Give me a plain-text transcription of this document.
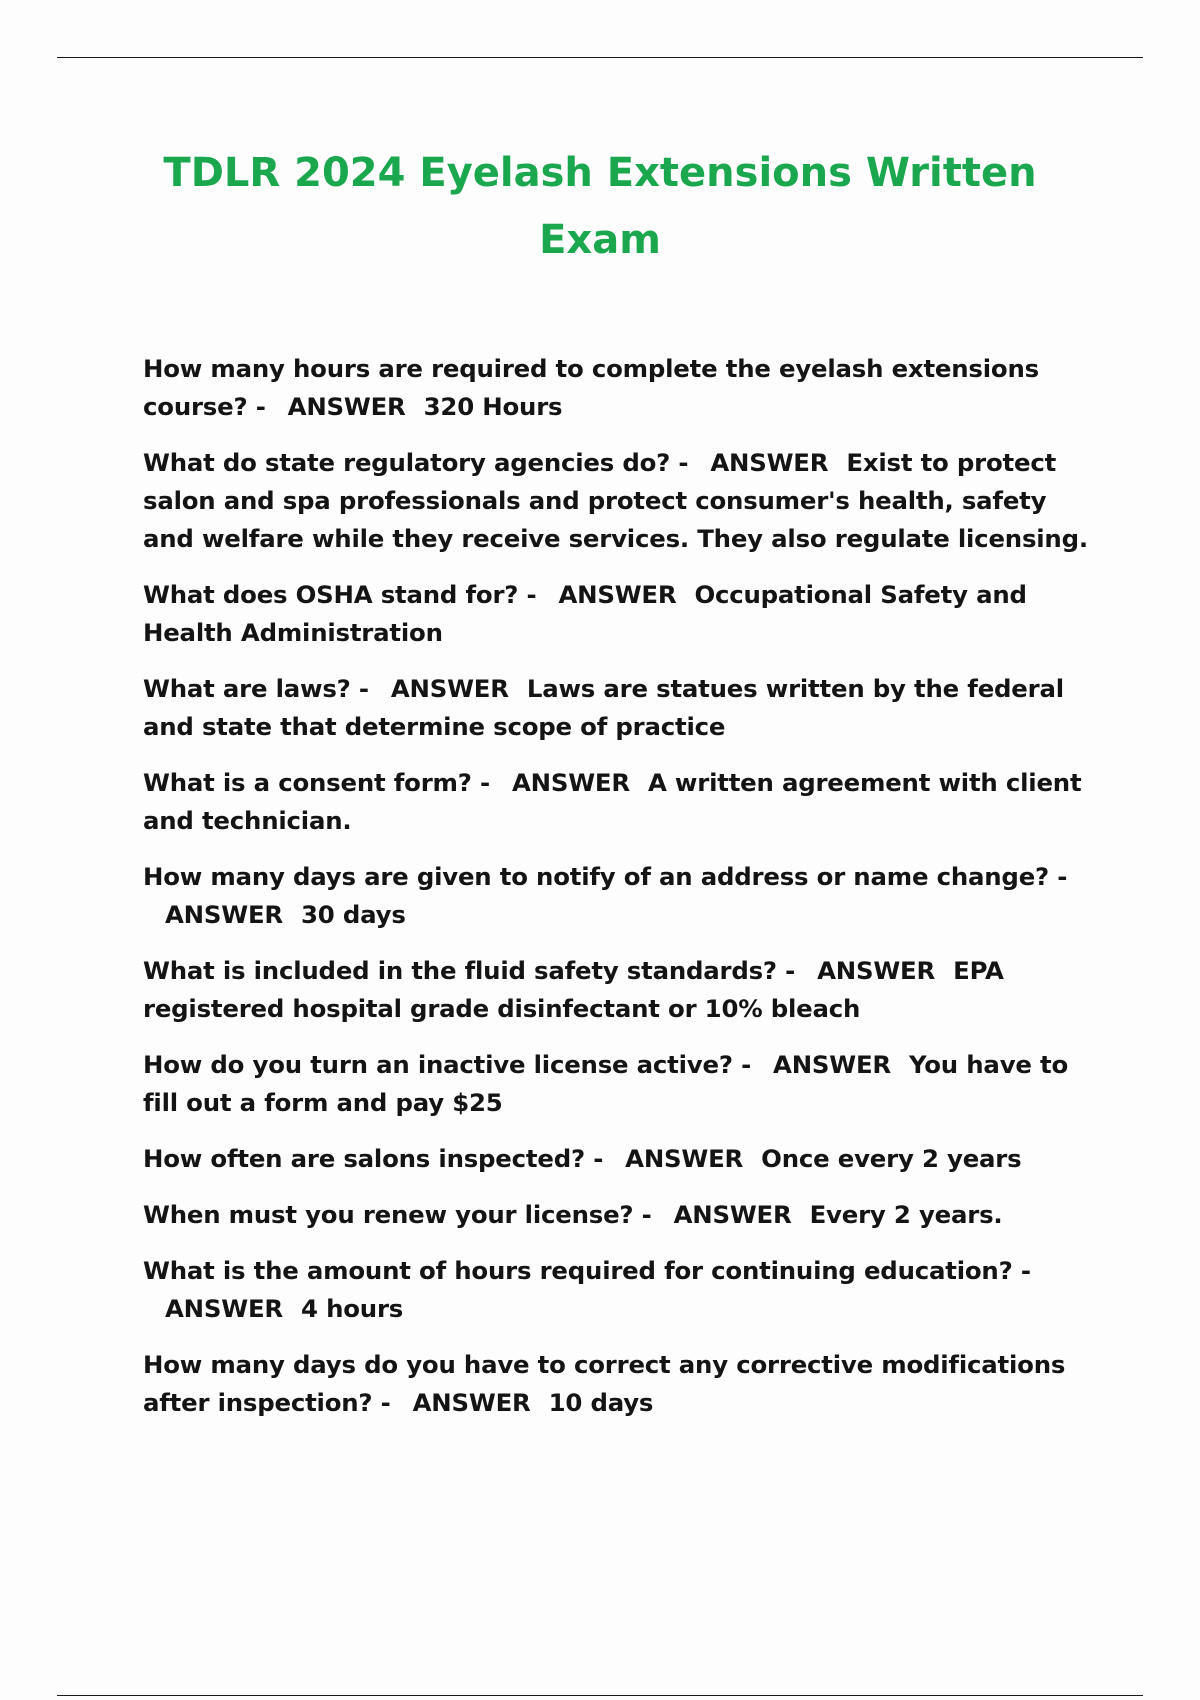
TDLR 2024 Eyelash Extensions Written Exam
How many hours are required to complete the eyelash extensions course? - ANSWER 320 Hours
What do state regulatory agencies do? - ANSWER Exist to protect salon and spa professionals and protect consumer's health, safety and welfare while they receive services. They also regulate licensing.
What does OSHA stand for? - ANSWER Occupational Safety and Health Administration
What are laws? - ANSWER Laws are statues written by the federal and state that determine scope of practice
What is a consent form? - ANSWER A written agreement with client and technician.
How many days are given to notify of an address or name change? -ANSWER 30 days
What is included in the fluid safety standards? - ANSWER EPA registered hospital grade disinfectant or 10% bleach
How do you turn an inactive license active? - ANSWER You have to fill out a form and pay $25
How often are salons inspected? - ANSWER Once every 2 years
When must you renew your license? - ANSWER Every 2 years.
What is the amount of hours required for continuing education? -ANSWER 4 hours
How many days do you have to correct any corrective modifications after inspection? - ANSWER 10 days
